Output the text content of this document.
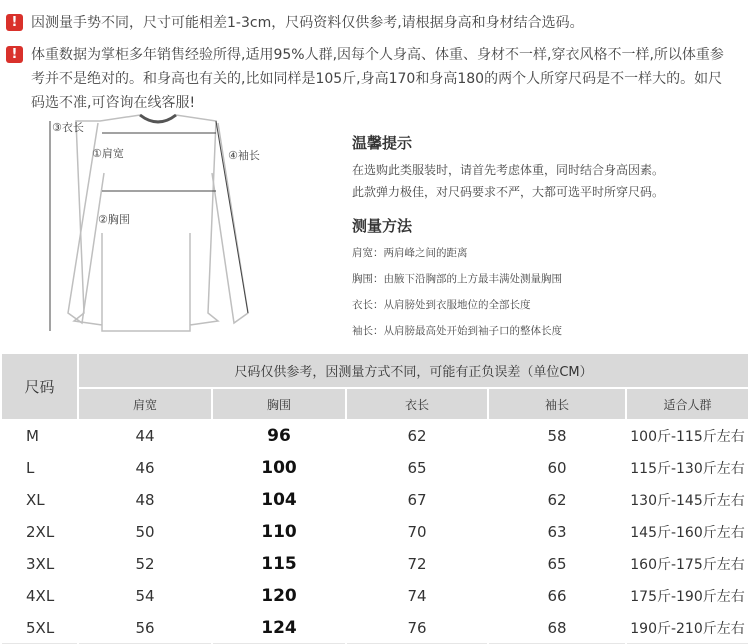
! 因测量手势不同，尺寸可能相差1-3cm，尺码资料仅供参考,请根据身高和身材结合选码。
! 体重数据为掌柜多年销售经验所得,适用95%人群,因每个人身高、体重、身材不一样,穿衣风格不一样,所以体重参考并不是绝对的。和身高也有关的,比如同样是105斤,身高170和身高180的两个人所穿尺码是不一样大的。如尺码选不准,可咨询在线客服!
③衣长
①肩宽	④袖长
②胸围
温馨提示
在选购此类服装时，请首先考虑体重，同时结合身高因素。
此款弹力极佳，对尺码要求不严，大都可选平时所穿尺码。
测量方法
肩宽：两肩峰之间的距离
胸围：由腋下沿胸部的上方最丰满处测量胸围
衣长：从肩膀处到衣服地位的全部长度
袖长：从肩膀最高处开始到袖子口的整体长度
尺码	尺码仅供参考，因测量方式不同，可能有正负误差（单位CM）				
	肩宽	胸围	衣长	袖长	适合人群
M	44	96	62	58	100斤-115斤左右
L	46	100	65	60	115斤-130斤左右
XL	48	104	67	62	130斤-145斤左右
2XL	50	110	70	63	145斤-160斤左右
3XL	52	115	72	65	160斤-175斤左右
4XL	54	120	74	66	175斤-190斤左右
5XL	56	124	76	68	190斤-210斤左右
